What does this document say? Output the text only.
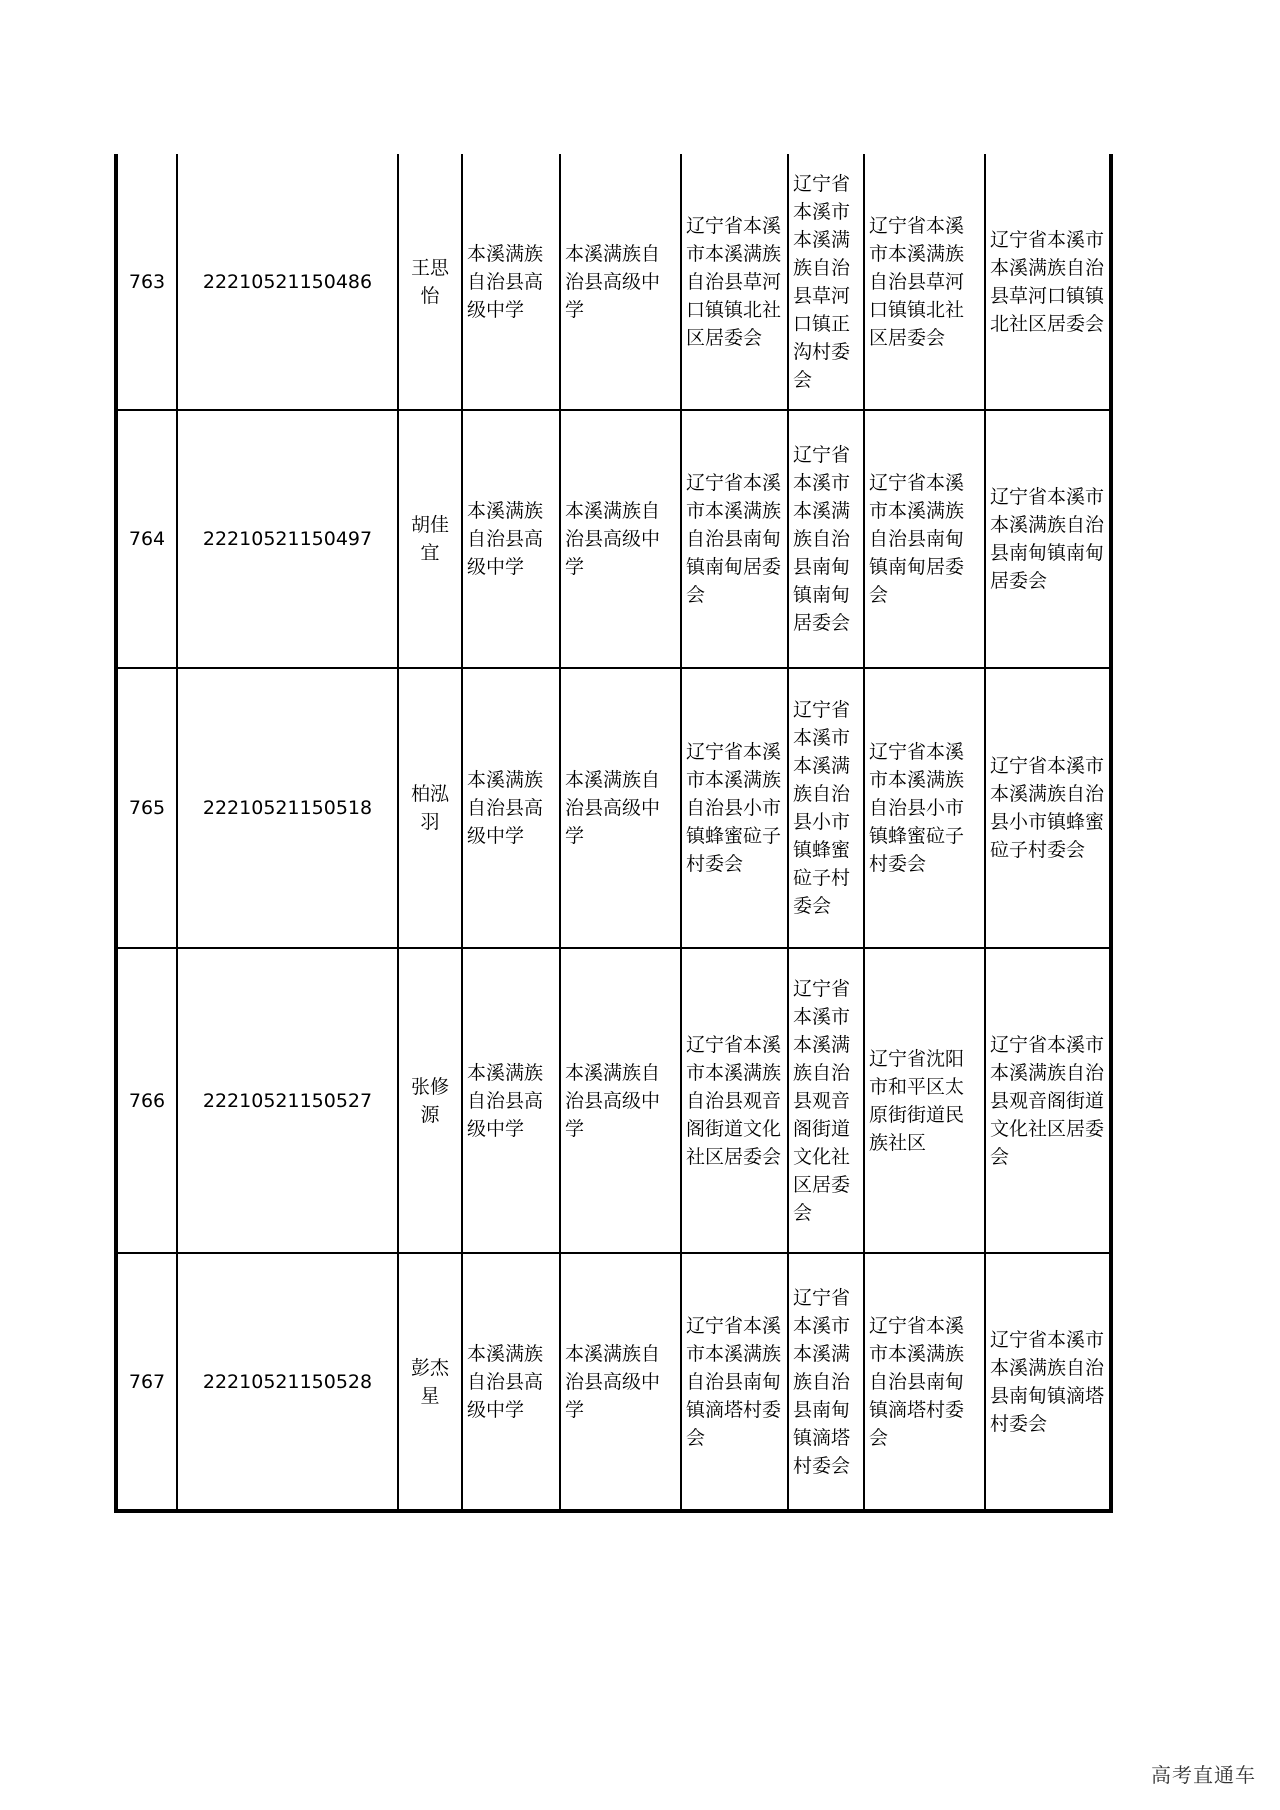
763	22210521150486	王思怡	本溪满族自治县高级中学	本溪满族自治县高级中学	辽宁省本溪市本溪满族自治县草河口镇镇北社区居委会	辽宁省本溪市本溪满族自治县草河口镇正沟村委会	辽宁省本溪市本溪满族自治县草河口镇镇北社区居委会	辽宁省本溪市本溪满族自治县草河口镇镇北社区居委会
764	22210521150497	胡佳宜	本溪满族自治县高级中学	本溪满族自治县高级中学	辽宁省本溪市本溪满族自治县南甸镇南甸居委会	辽宁省本溪市本溪满族自治县南甸镇南甸居委会	辽宁省本溪市本溪满族自治县南甸镇南甸居委会	辽宁省本溪市本溪满族自治县南甸镇南甸居委会
765	22210521150518	柏泓羽	本溪满族自治县高级中学	本溪满族自治县高级中学	辽宁省本溪市本溪满族自治县小市镇蜂蜜砬子村委会	辽宁省本溪市本溪满族自治县小市镇蜂蜜砬子村委会	辽宁省本溪市本溪满族自治县小市镇蜂蜜砬子村委会	辽宁省本溪市本溪满族自治县小市镇蜂蜜砬子村委会
766	22210521150527	张修源	本溪满族自治县高级中学	本溪满族自治县高级中学	辽宁省本溪市本溪满族自治县观音阁街道文化社区居委会	辽宁省本溪市本溪满族自治县观音阁街道文化社区居委会	辽宁省沈阳市和平区太原街街道民族社区	辽宁省本溪市本溪满族自治县观音阁街道文化社区居委会
767	22210521150528	彭杰星	本溪满族自治县高级中学	本溪满族自治县高级中学	辽宁省本溪市本溪满族自治县南甸镇滴塔村委会	辽宁省本溪市本溪满族自治县南甸镇滴塔村委会	辽宁省本溪市本溪满族自治县南甸镇滴塔村委会	辽宁省本溪市本溪满族自治县南甸镇滴塔村委会
高考直通车
